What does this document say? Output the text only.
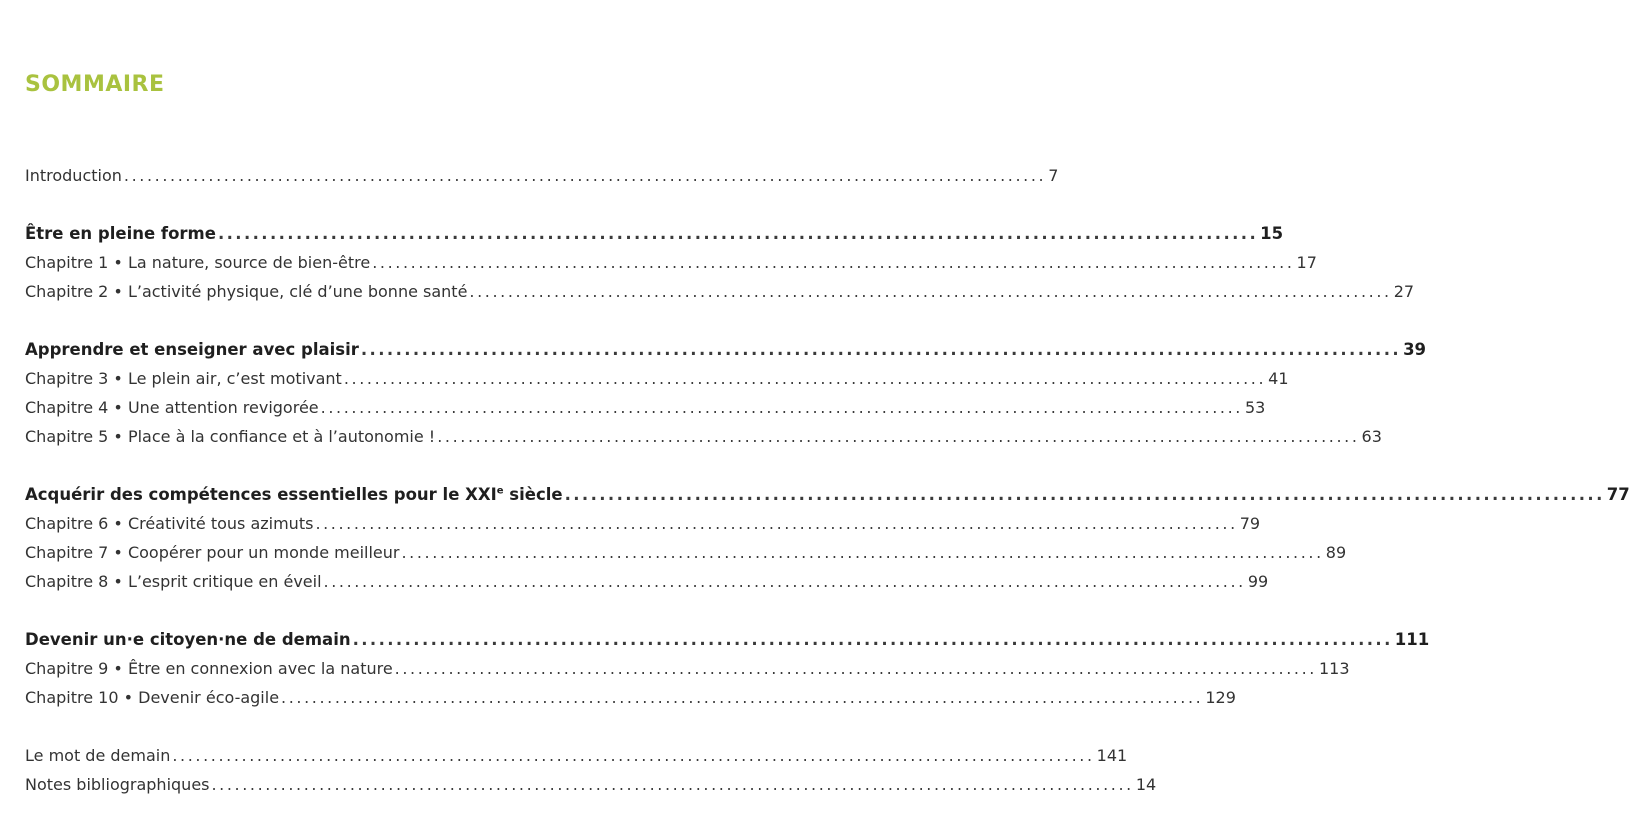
SOMMAIRE
Introduction ........................................................................................................................ 7
Être en pleine forme ........................................................................................................................ 15
Chapitre 1 • La nature, source de bien-être ........................................................................................................................ 17
Chapitre 2 • L’activité physique, clé d’une bonne santé ........................................................................................................................ 27
Apprendre et enseigner avec plaisir ........................................................................................................................ 39
Chapitre 3 • Le plein air, c’est motivant ........................................................................................................................ 41
Chapitre 4 • Une attention revigorée ........................................................................................................................ 53
Chapitre 5 • Place à la confiance et à l’autonomie ! ........................................................................................................................ 63
Acquérir des compétences essentielles pour le XXIe siècle ........................................................................................................................ 77
Chapitre 6 • Créativité tous azimuts ........................................................................................................................ 79
Chapitre 7 • Coopérer pour un monde meilleur ........................................................................................................................ 89
Chapitre 8 • L’esprit critique en éveil ........................................................................................................................ 99
Devenir un·e citoyen·ne de demain ........................................................................................................................ 111
Chapitre 9 • Être en connexion avec la nature ........................................................................................................................ 113
Chapitre 10 • Devenir éco-agile ........................................................................................................................ 129
Le mot de demain ........................................................................................................................ 141
Notes bibliographiques ........................................................................................................................ 14
